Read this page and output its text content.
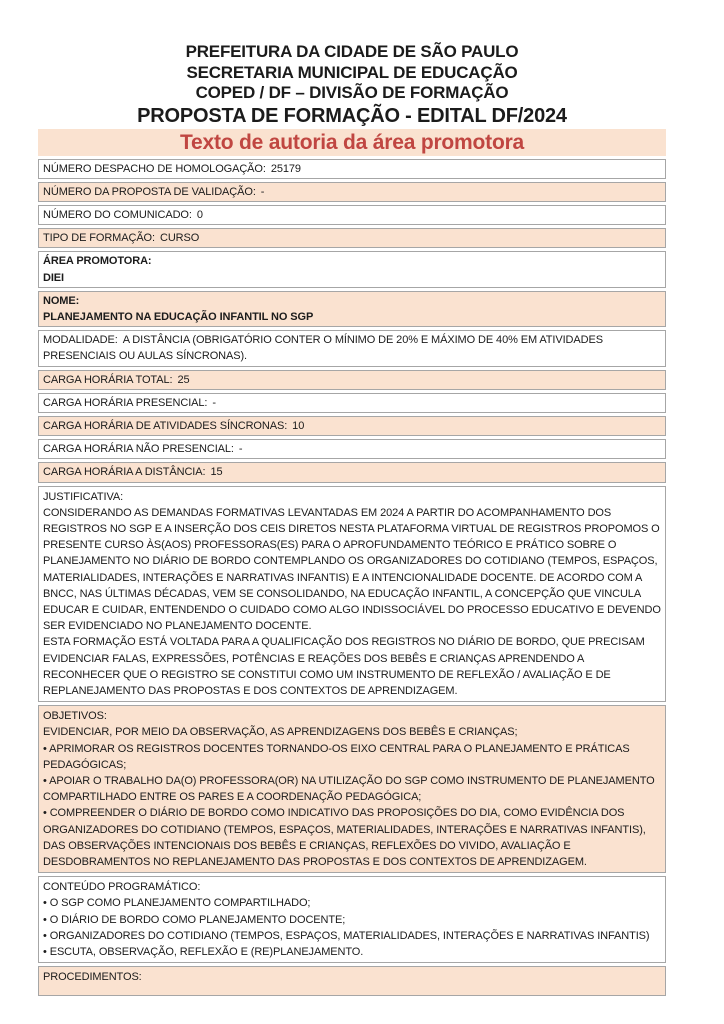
PREFEITURA DA CIDADE DE SÃO PAULO
SECRETARIA MUNICIPAL DE EDUCAÇÃO
COPED / DF – DIVISÃO DE FORMAÇÃO
PROPOSTA DE FORMAÇÃO - EDITAL DF/2024
Texto de autoria da área promotora
NÚMERO DESPACHO DE HOMOLOGAÇÃO: 25179
NÚMERO DA PROPOSTA DE VALIDAÇÃO: -
NÚMERO DO COMUNICADO: 0
TIPO DE FORMAÇÃO: CURSO
ÁREA PROMOTORA:
DIEI
NOME:
PLANEJAMENTO NA EDUCAÇÃO INFANTIL NO SGP
MODALIDADE: A DISTÂNCIA (OBRIGATÓRIO CONTER O MÍNIMO DE 20% E MÁXIMO DE 40% EM ATIVIDADES PRESENCIAIS OU AULAS SÍNCRONAS).
CARGA HORÁRIA TOTAL: 25
CARGA HORÁRIA PRESENCIAL: -
CARGA HORÁRIA DE ATIVIDADES SÍNCRONAS: 10
CARGA HORÁRIA NÃO PRESENCIAL: -
CARGA HORÁRIA A DISTÂNCIA: 15
JUSTIFICATIVA:
CONSIDERANDO AS DEMANDAS FORMATIVAS LEVANTADAS EM 2024 A PARTIR DO ACOMPANHAMENTO DOS REGISTROS NO SGP E A INSERÇÃO DOS CEIS DIRETOS NESTA PLATAFORMA VIRTUAL DE REGISTROS PROPOMOS O PRESENTE CURSO ÀS(AOS) PROFESSORAS(ES) PARA O APROFUNDAMENTO TEÓRICO E PRÁTICO SOBRE O PLANEJAMENTO NO DIÁRIO DE BORDO CONTEMPLANDO OS ORGANIZADORES DO COTIDIANO (TEMPOS, ESPAÇOS, MATERIALIDADES, INTERAÇÕES E NARRATIVAS INFANTIS) E A INTENCIONALIDADE DOCENTE. DE ACORDO COM A BNCC, NAS ÚLTIMAS DÉCADAS, VEM SE CONSOLIDANDO, NA EDUCAÇÃO INFANTIL, A CONCEPÇÃO QUE VINCULA EDUCAR E CUIDAR, ENTENDENDO O CUIDADO COMO ALGO INDISSOCIÁVEL DO PROCESSO EDUCATIVO E DEVENDO SER EVIDENCIADO NO PLANEJAMENTO DOCENTE.
ESTA FORMAÇÃO ESTÁ VOLTADA PARA A QUALIFICAÇÃO DOS REGISTROS NO DIÁRIO DE BORDO, QUE PRECISAM EVIDENCIAR FALAS, EXPRESSÕES, POTÊNCIAS E REAÇÕES DOS BEBÊS E CRIANÇAS APRENDENDO A RECONHECER QUE O REGISTRO SE CONSTITUI COMO UM INSTRUMENTO DE REFLEXÃO / AVALIAÇÃO E DE REPLANEJAMENTO DAS PROPOSTAS E DOS CONTEXTOS DE APRENDIZAGEM.
OBJETIVOS:
EVIDENCIAR, POR MEIO DA OBSERVAÇÃO, AS APRENDIZAGENS DOS BEBÊS E CRIANÇAS;
• APRIMORAR OS REGISTROS DOCENTES TORNANDO-OS EIXO CENTRAL PARA O PLANEJAMENTO E PRÁTICAS PEDAGÓGICAS;
• APOIAR O TRABALHO DA(O) PROFESSORA(OR) NA UTILIZAÇÃO DO SGP COMO INSTRUMENTO DE PLANEJAMENTO COMPARTILHADO ENTRE OS PARES E A COORDENAÇÃO PEDAGÓGICA;
• COMPREENDER O DIÁRIO DE BORDO COMO INDICATIVO DAS PROPOSIÇÕES DO DIA, COMO EVIDÊNCIA DOS ORGANIZADORES DO COTIDIANO (TEMPOS, ESPAÇOS, MATERIALIDADES, INTERAÇÕES E NARRATIVAS INFANTIS), DAS OBSERVAÇÕES INTENCIONAIS DOS BEBÊS E CRIANÇAS, REFLEXÕES DO VIVIDO, AVALIAÇÃO E DESDOBRAMENTOS NO REPLANEJAMENTO DAS PROPOSTAS E DOS CONTEXTOS DE APRENDIZAGEM.
CONTEÚDO PROGRAMÁTICO:
• O SGP COMO PLANEJAMENTO COMPARTILHADO;
• O DIÁRIO DE BORDO COMO PLANEJAMENTO DOCENTE;
• ORGANIZADORES DO COTIDIANO (TEMPOS, ESPAÇOS, MATERIALIDADES, INTERAÇÕES E NARRATIVAS INFANTIS)
• ESCUTA, OBSERVAÇÃO, REFLEXÃO E (RE)PLANEJAMENTO.
PROCEDIMENTOS:
